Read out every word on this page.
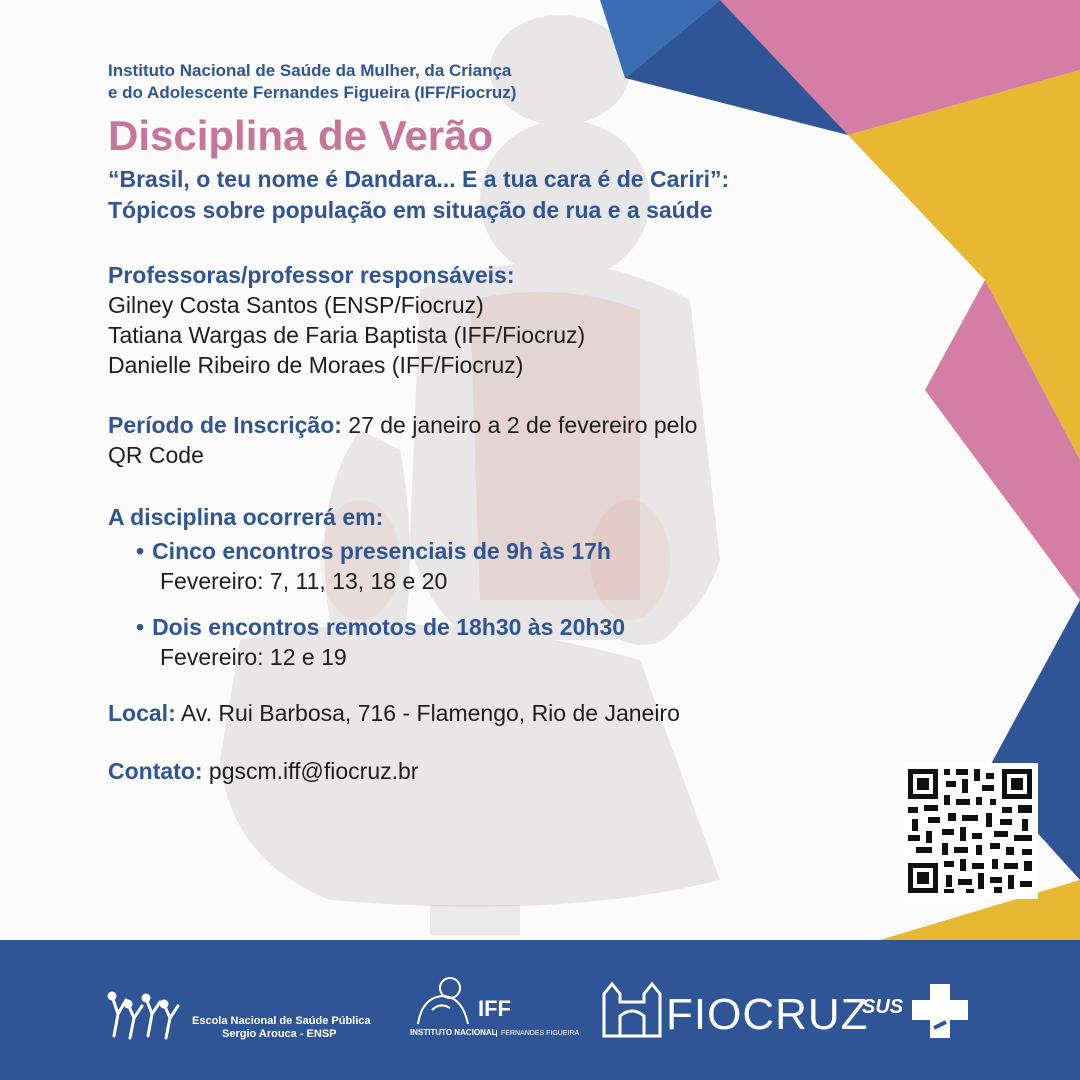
Instituto Nacional de Saúde da Mulher, da Criança
e do Adolescente Fernandes Figueira (IFF/Fiocruz)
Disciplina de Verão
“Brasil, o teu nome é Dandara... E a tua cara é de Cariri”:
Tópicos sobre população em situação de rua e a saúde
Professoras/professor responsáveis:
Gilney Costa Santos (ENSP/Fiocruz)
Tatiana Wargas de Faria Baptista (IFF/Fiocruz)
Danielle Ribeiro de Moraes (IFF/Fiocruz)
Período de Inscrição: 27 de janeiro a 2 de fevereiro pelo
QR Code
A disciplina ocorrerá em:
• Cinco encontros presenciais de 9h às 17h
Fevereiro: 7, 11, 13, 18 e 20
• Dois encontros remotos de 18h30 às 20h30
Fevereiro: 12 e 19
Local: Av. Rui Barbosa, 716 - Flamengo, Rio de Janeiro
Contato: pgscm.iff@fiocruz.br
Escola Nacional de Saúde Pública
Sergio Arouca - ENSP
IFF
INSTITUTO NACIONAL FERNANDES FIGUEIRA FIOCRUZ
SUS
